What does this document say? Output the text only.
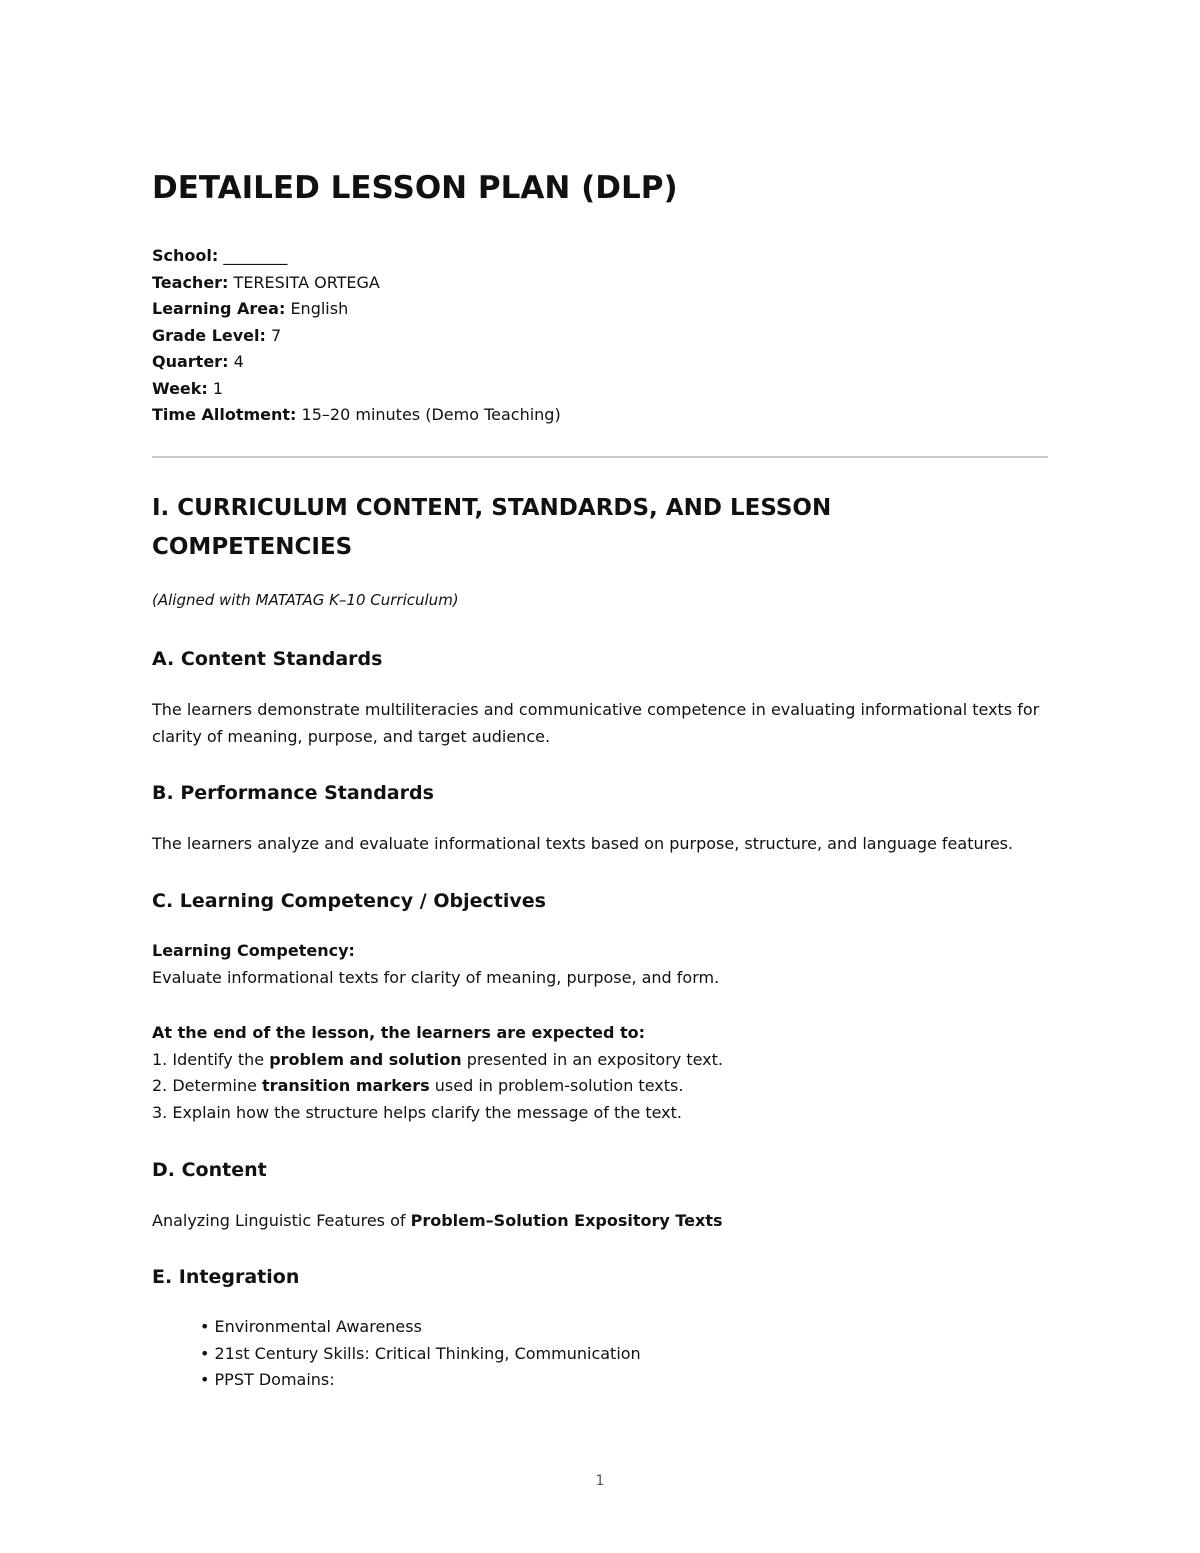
DETAILED LESSON PLAN (DLP)
School: ________
Teacher: TERESITA ORTEGA
Learning Area: English
Grade Level: 7
Quarter: 4
Week: 1
Time Allotment: 15–20 minutes (Demo Teaching)
I. CURRICULUM CONTENT, STANDARDS, AND LESSON COMPETENCIES

(Aligned with MATATAG K–10 Curriculum)

A. Content Standards

The learners demonstrate multiliteracies and communicative competence in evaluating informational texts for clarity of meaning, purpose, and target audience.

B. Performance Standards

The learners analyze and evaluate informational texts based on purpose, structure, and language features.

C. Learning Competency / Objectives
Learning Competency:
Evaluate informational texts for clarity of meaning, purpose, and form.
At the end of the lesson, the learners are expected to:
1. Identify the problem and solution presented in an expository text.
2. Determine transition markers used in problem-solution texts.
3. Explain how the structure helps clarify the message of the text.
D. Content

Analyzing Linguistic Features of Problem–Solution Expository Texts

E. Integration
• Environmental Awareness
• 21st Century Skills: Critical Thinking, Communication
• PPST Domains:
1
